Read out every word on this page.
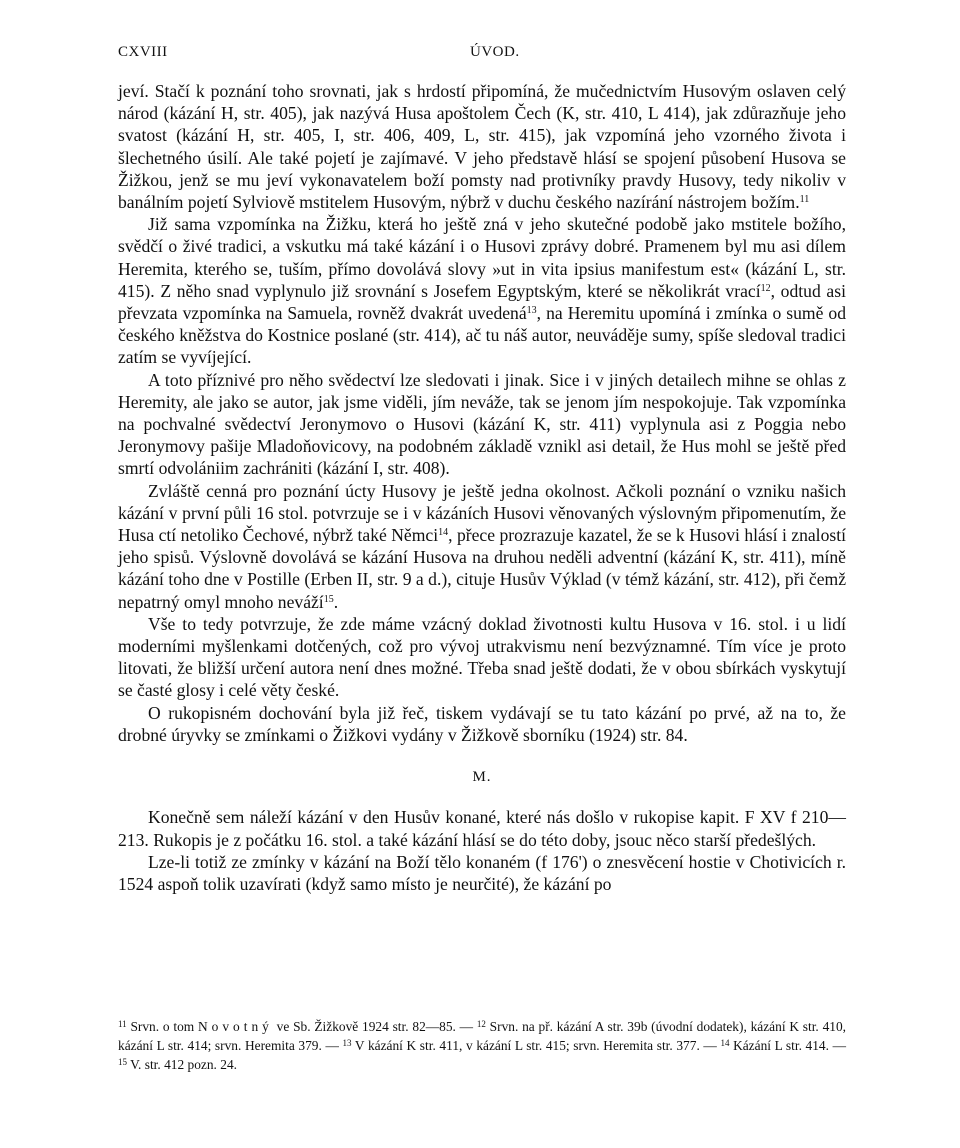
CXVIII	ÚVOD.

jeví. Stačí k poznání toho srovnati, jak s hrdostí připomíná, že mučednictvím Husovým oslaven celý národ (kázání H, str. 405), jak nazývá Husa apoštolem Čech (K, str. 410, L 414), jak zdůrazňuje jeho svatost (kázání H, str. 405, I, str. 406, 409, L, str. 415), jak vzpomíná jeho vzorného života i šlechetného úsilí. Ale také pojetí je zajímavé. V jeho představě hlásí se spojení působení Husova se Žižkou, jenž se mu jeví vykonavatelem boží pomsty nad protivníky pravdy Husovy, tedy nikoliv v banálním pojetí Sylviově mstitelem Husovým, nýbrž v duchu českého nazírání nástrojem božím.$^{11}$

Již sama vzpomínka na Žižku, která ho ještě zná v jeho skutečné podobě jako mstitele božího, svědčí o živé tradici, a vskutku má také kázání i o Husovi zprávy dobré. Pramenem byl mu asi dílem Heremita, kterého se, tuším, přímo dovolává slovy »ut in vita ipsius manifestum est« (kázání L, str. 415). Z něho snad vyplynulo již srovnání s Josefem Egyptským, které se několikrát vrací$^{12}$, odtud asi převzata vzpomínka na Samuela, rovněž dvakrát uvedená$^{13}$, na Heremitu upomíná i zmínka o sumě od českého kněžstva do Kostnice poslané (str. 414), ač tu náš autor, neuváděje sumy, spíše sledoval tradici zatím se vyvíjející.

A toto příznivé pro něho svědectví lze sledovati i jinak. Sice i v jiných detailech mihne se ohlas z Heremity, ale jako se autor, jak jsme viděli, jím neváže, tak se jenom jím nespokojuje. Tak vzpomínka na pochvalné svědectví Jeronymovo o Husovi (kázání K, str. 411) vyplynula asi z Poggia nebo Jeronymovy pašije Mladoňovicovy, na podobném základě vznikl asi detail, že Hus mohl se ještě před smrtí odvolániim zachrániti (kázání I, str. 408).

Zvláště cenná pro poznání úcty Husovy je ještě jedna okolnost. Ačkoli poznání o vzniku našich kázání v první půli 16 stol. potvrzuje se i v kázáních Husovi věnovaných výslovným připomenutím, že Husa ctí netoliko Čechové, nýbrž také Němci$^{14}$, přece prozrazuje kazatel, že se k Husovi hlásí i znalostí jeho spisů. Výslovně dovolává se kázání Husova na druhou neděli adventní (kázání K, str. 411), míně kázání toho dne v Postille (Erben II, str. 9 a d.), cituje Husův Výklad (v témž kázání, str. 412), při čemž nepatrný omyl mnoho neváží$^{15}$.

Vše to tedy potvrzuje, že zde máme vzácný doklad životnosti kultu Husova v 16. stol. i u lidí moderními myšlenkami dotčených, což pro vývoj utrakvismu není bezvýznamné. Tím více je proto litovati, že bližší určení autora není dnes možné. Třeba snad ještě dodati, že v obou sbírkách vyskytují se časté glosy i celé věty české.

O rukopisném dochování byla již řeč, tiskem vydávají se tu tato kázání po prvé, až na to, že drobné úryvky se zmínkami o Žižkovi vydány v Žižkově sborníku (1924) str. 84.

M.

Konečně sem náleží kázání v den Husův konané, které nás došlo v rukopise kapit. F XV f 210—213. Rukopis je z počátku 16. stol. a také kázání hlásí se do této doby, jsouc něco starší předešlých.

Lze-li totiž ze zmínky v kázání na Boží tělo konaném (f 176') o znesvěcení hostie v Chotivicích r. 1524 aspoň tolik uzavírati (když samo místo je neurčité), že kázání po

$^{11}$ Srvn. o tom Novotný ve Sb. Žižkově 1924 str. 82—85. — $^{12}$ Srvn. na př. kázání A str. 39b (úvodní dodatek), kázání K str. 410, kázání L str. 414; srvn. Heremita 379. — $^{13}$ V kázání K str. 411, v kázání L str. 415; srvn. Heremita str. 377. — $^{14}$ Kázání L str. 414. — $^{15}$ V. str. 412 pozn. 24.
